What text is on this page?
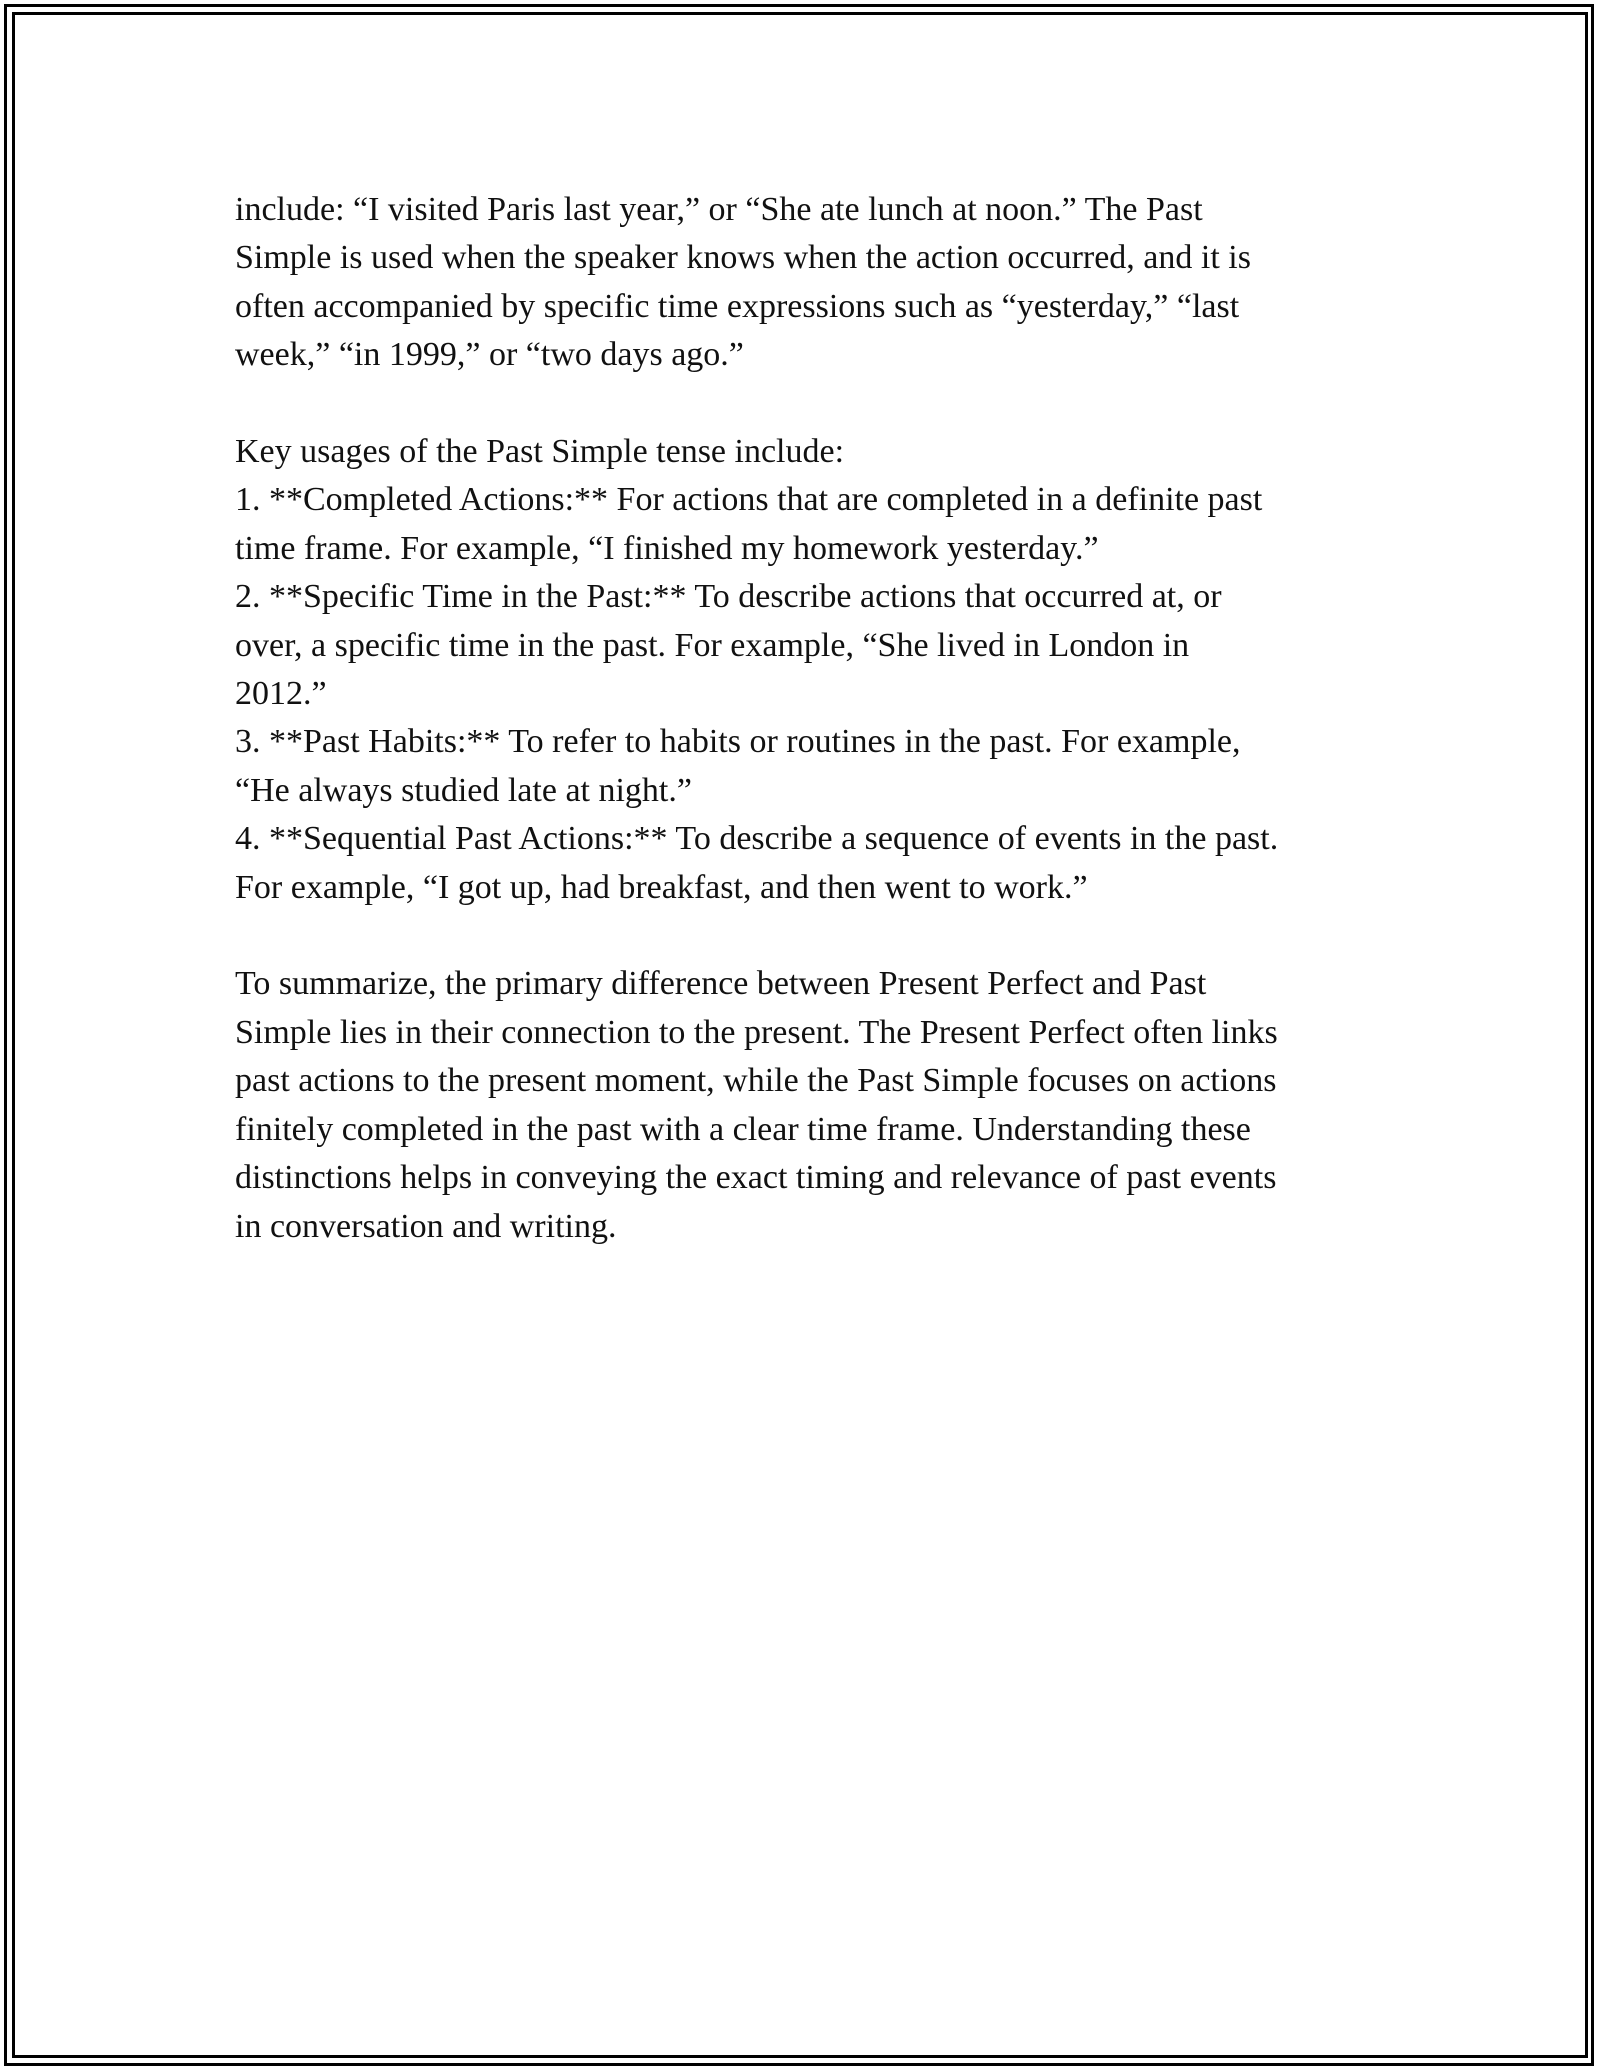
include: “I visited Paris last year,” or “She ate lunch at noon.” The Past
Simple is used when the speaker knows when the action occurred, and it is
often accompanied by specific time expressions such as “yesterday,” “last
week,” “in 1999,” or “two days ago.”

Key usages of the Past Simple tense include:
1. **Completed Actions:** For actions that are completed in a definite past
time frame. For example, “I finished my homework yesterday.”
2. **Specific Time in the Past:** To describe actions that occurred at, or
over, a specific time in the past. For example, “She lived in London in
2012.”
3. **Past Habits:** To refer to habits or routines in the past. For example,
“He always studied late at night.”
4. **Sequential Past Actions:** To describe a sequence of events in the past.
For example, “I got up, had breakfast, and then went to work.”

To summarize, the primary difference between Present Perfect and Past
Simple lies in their connection to the present. The Present Perfect often links
past actions to the present moment, while the Past Simple focuses on actions
finitely completed in the past with a clear time frame. Understanding these
distinctions helps in conveying the exact timing and relevance of past events
in conversation and writing.
